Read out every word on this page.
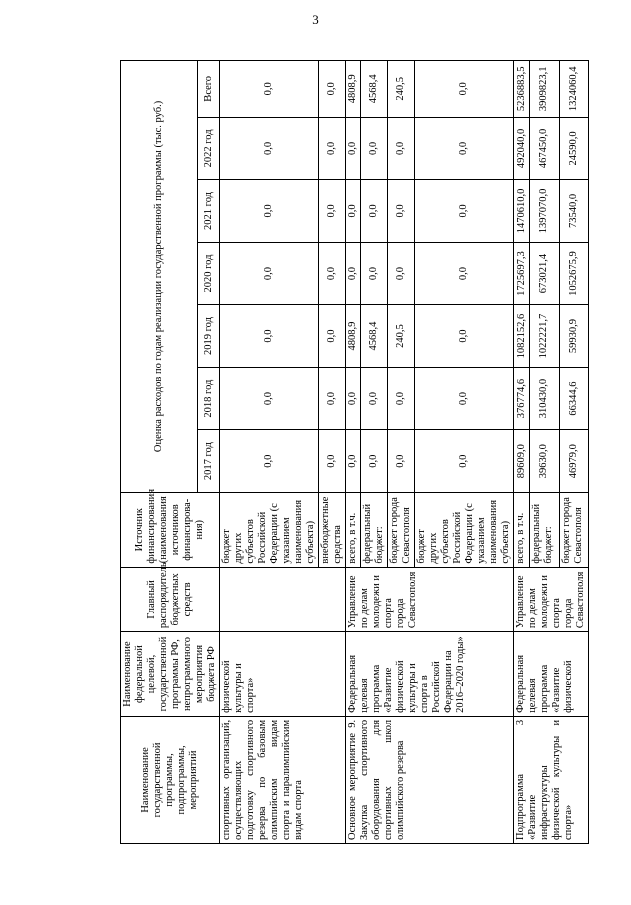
3
Наименование государственной программы, подпрограммы, мероприятий	Наименование федеральной целевой, государственной программы РФ, непрограммного мероприятия бюджета РФ	Главный распорядитель бюджетных средств	Источник финансирования (наименования источников финансирова-ния)	Оценка расходов по годам реализации государственной программы (тыс. руб.)						
				2017 год	2018 год	2019 год	2020 год	2021 год	2022 год	Всего
спортивных организаций, осуществляющих подготовку спортивного резерва по базовым олимпийским видам спорта и паралимпийским видам спорта	физической культуры и спорта»		бюджет других субъектов Российской Федерации (с указанием наименования субъекта)	0,0	0,0	0,0	0,0	0,0	0,0	0,0
			внебюджетные средства	0,0	0,0	0,0	0,0	0,0	0,0	0,0
Основное мероприятие 9. Закупка спортивного оборудования для спортивных школ олимпийского резерва	Федеральная целевая программа «Развитие физической культуры и спорта в Российской Федерации на 2016–2020 годы»	Управление по делам молодежи и спорта города Севастополя	всего, в т.ч.	0,0	0,0	4808,9	0,0	0,0	0,0	4808,9
			федеральный бюджет:	0,0	0,0	4568,4	0,0	0,0	0,0	4568,4
			бюджет города Севастополя	0,0	0,0	240,5	0,0	0,0	0,0	240,5
			бюджет других субъектов Российской Федерации (с указанием наименования субъекта)	0,0	0,0	0,0	0,0	0,0	0,0	0,0
Подпрограмма 3 «Развитие инфраструктуры физической культуры и спорта»	Федеральная целевая программа «Развитие физической	Управление по делам молодежи и спорта города Севастополя	всего, в т.ч.	89609,0	376774,6	1082152,6	1725697,3	1470610,0	492040,0	5236883,5
			федеральный бюджет:	39630,0	310430,0	1022221,7	673021,4	1397070,0	467450,0	3909823,1
			бюджет города Севастополя	46979,0	66344,6	59930,9	1052675,9	73540,0	24590,0	1324060,4
